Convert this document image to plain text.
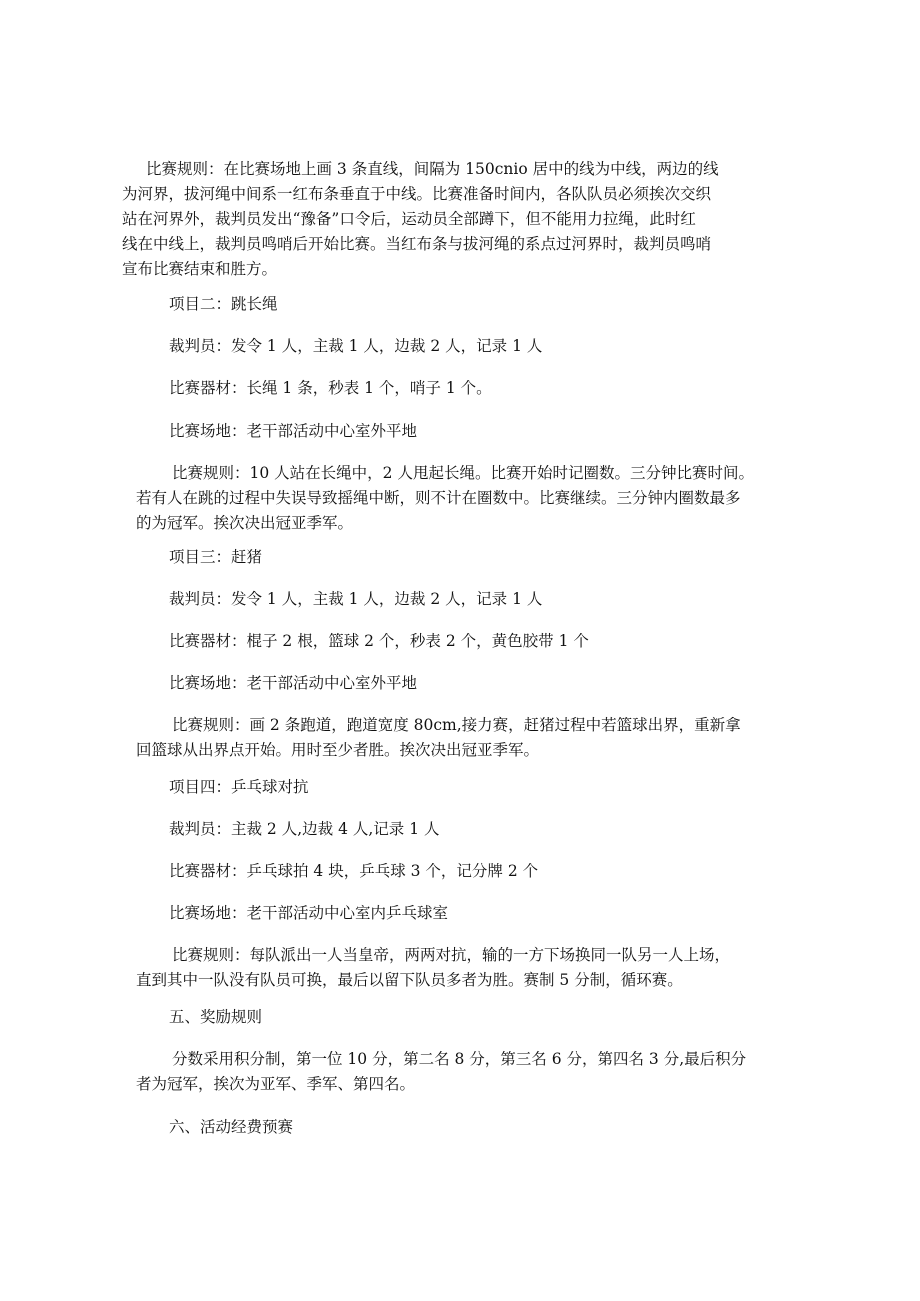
比赛规则：在比赛场地上画 3 条直线，间隔为 150cnio 居中的线为中线，两边的线
为河界，拔河绳中间系一红布条垂直于中线。比赛准备时间内，各队队员必须挨次交织
站在河界外，裁判员发出“豫备”口令后，运动员全部蹲下，但不能用力拉绳，此时红
线在中线上，裁判员鸣哨后开始比赛。当红布条与拔河绳的系点过河界时，裁判员鸣哨
宣布比赛结束和胜方。

项目二：跳长绳

裁判员：发令 1 人，主裁 1 人，边裁 2 人，记录 1 人

比赛器材：长绳 1 条，秒表 1 个，哨子 1 个。

比赛场地：老干部活动中心室外平地

比赛规则：10 人站在长绳中，2 人甩起长绳。比赛开始时记圈数。三分钟比赛时间。
若有人在跳的过程中失误导致摇绳中断，则不计在圈数中。比赛继续。三分钟内圈数最多
的为冠军。挨次决出冠亚季军。

项目三：赶猪

裁判员：发令 1 人，主裁 1 人，边裁 2 人，记录 1 人

比赛器材：棍子 2 根，篮球 2 个，秒表 2 个，黄色胶带 1 个

比赛场地：老干部活动中心室外平地

比赛规则：画 2 条跑道，跑道宽度 80cm,接力赛，赶猪过程中若篮球出界，重新拿
回篮球从出界点开始。用时至少者胜。挨次决出冠亚季军。

项目四：乒乓球对抗

裁判员：主裁 2 人,边裁 4 人,记录 1 人

比赛器材：乒乓球拍 4 块，乒乓球 3 个，记分牌 2 个

比赛场地：老干部活动中心室内乒乓球室

比赛规则：每队派出一人当皇帝，两两对抗，输的一方下场换同一队另一人上场，
直到其中一队没有队员可换，最后以留下队员多者为胜。赛制 5 分制，循环赛。

五、奖励规则

分数采用积分制，第一位 10 分，第二名 8 分，第三名 6 分，第四名 3 分,最后积分
者为冠军，挨次为亚军、季军、第四名。

六、活动经费预赛
